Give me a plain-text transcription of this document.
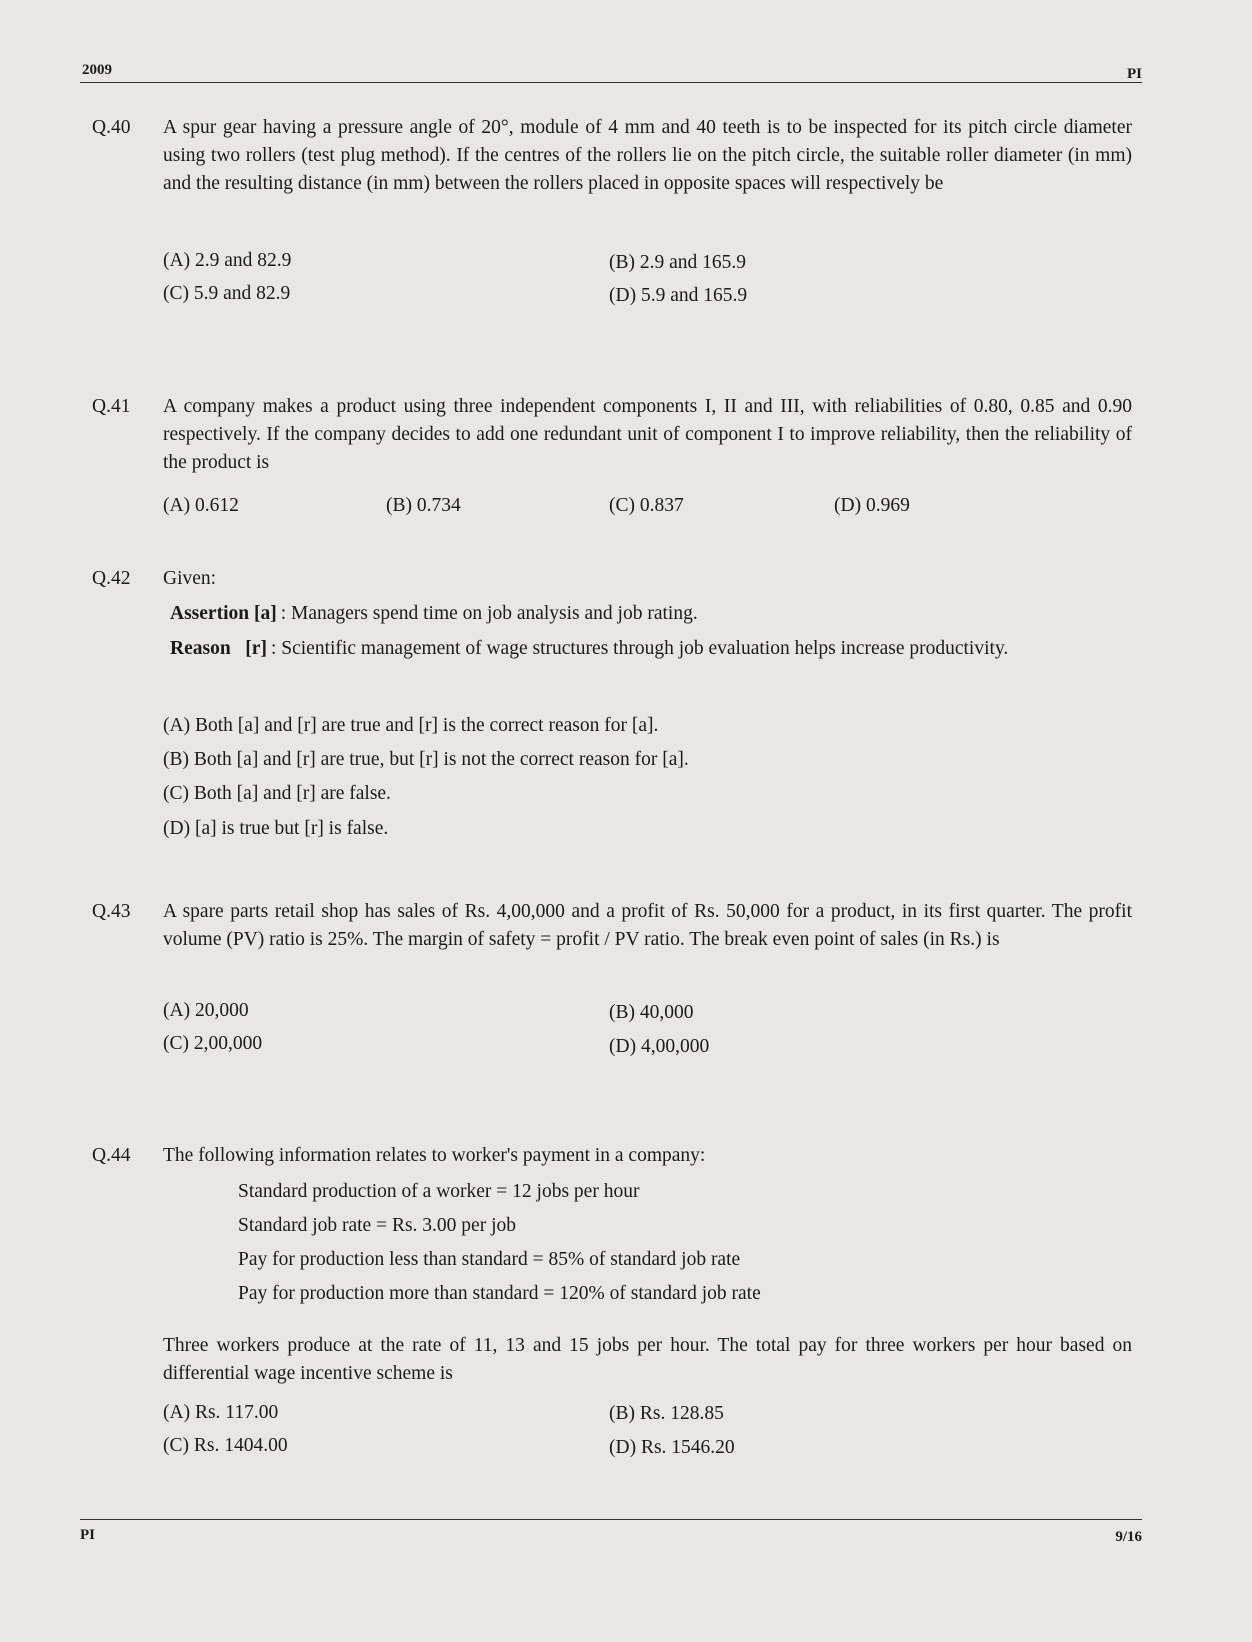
2009	PI
Q.40 A spur gear having a pressure angle of 20°, module of 4 mm and 40 teeth is to be inspected for its pitch circle diameter using two rollers (test plug method). If the centres of the rollers lie on the pitch circle, the suitable roller diameter (in mm) and the resulting distance (in mm) between the rollers placed in opposite spaces will respectively be
(A) 2.9 and 82.9	(B) 2.9 and 165.9
(C) 5.9 and 82.9	(D) 5.9 and 165.9
Q.41 A company makes a product using three independent components I, II and III, with reliabilities of 0.80, 0.85 and 0.90 respectively. If the company decides to add one redundant unit of component I to improve reliability, then the reliability of the product is
(A) 0.612	(B) 0.734	(C) 0.837	(D) 0.969
Q.42 Given:
Assertion [a] : Managers spend time on job analysis and job rating.
Reason   [r] : Scientific management of wage structures through job evaluation helps increase productivity.
(A) Both [a] and [r] are true and [r] is the correct reason for [a].
(B) Both [a] and [r] are true, but [r] is not the correct reason for [a].
(C) Both [a] and [r] are false.
(D) [a] is true but [r] is false.
Q.43 A spare parts retail shop has sales of Rs. 4,00,000 and a profit of Rs. 50,000 for a product, in its first quarter. The profit volume (PV) ratio is 25%. The margin of safety = profit / PV ratio. The break even point of sales (in Rs.) is
(A) 20,000	(B) 40,000
(C) 2,00,000	(D) 4,00,000
Q.44 The following information relates to worker's payment in a company:
Standard production of a worker = 12 jobs per hour
Standard job rate = Rs. 3.00 per job
Pay for production less than standard = 85% of standard job rate
Pay for production more than standard = 120% of standard job rate
Three workers produce at the rate of 11, 13 and 15 jobs per hour. The total pay for three workers per hour based on differential wage incentive scheme is
(A) Rs. 117.00	(B) Rs. 128.85
(C) Rs. 1404.00	(D) Rs. 1546.20
PI	9/16
